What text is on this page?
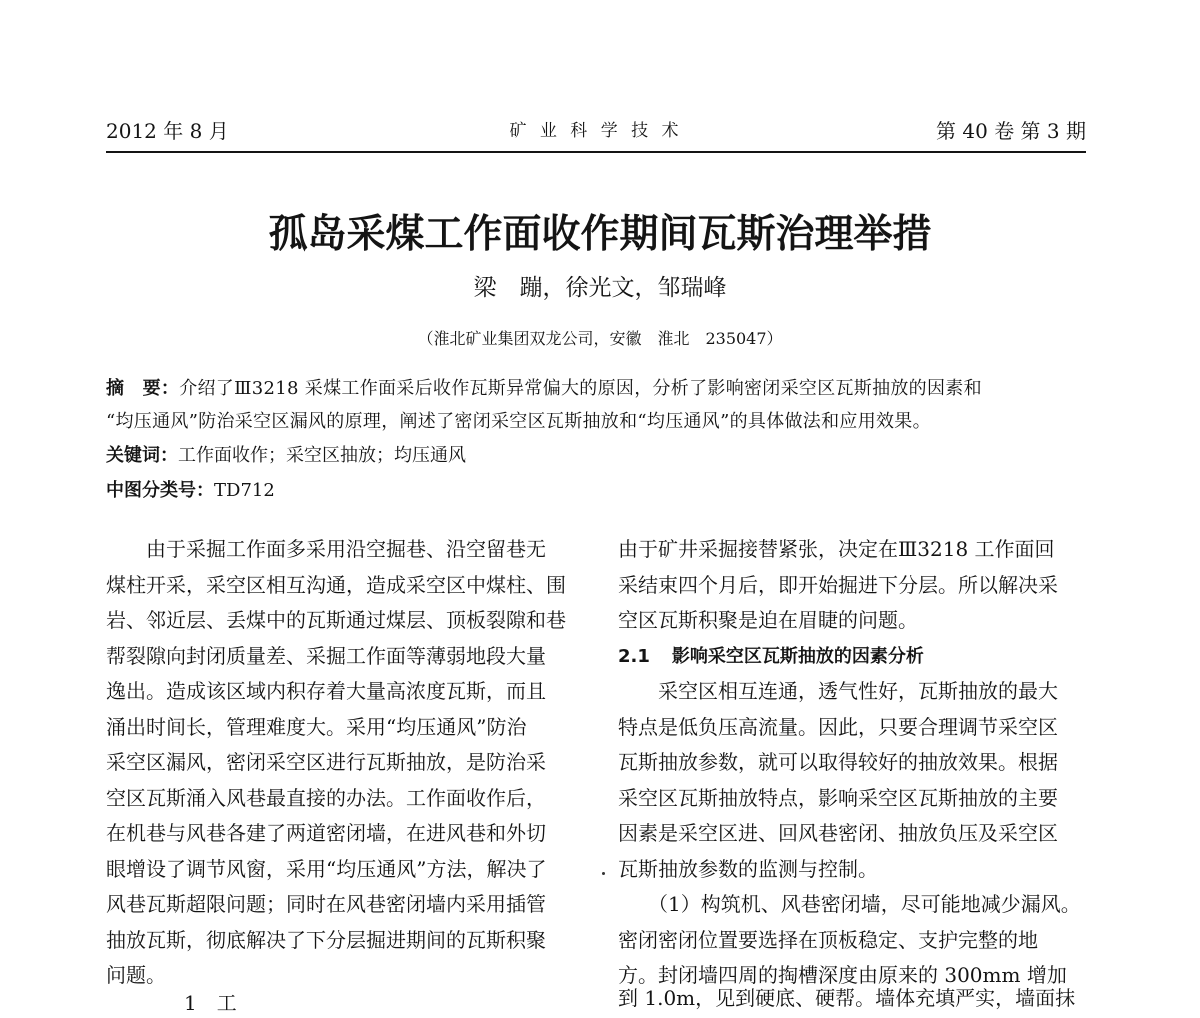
2012 年 8 月	矿 业 科 学 技 术	第 40 卷 第 3 期
孤岛采煤工作面收作期间瓦斯治理举措
梁　蹦，徐光文，邹瑞峰
（淮北矿业集团双龙公司，安徽　淮北　235047）
摘　要：介绍了Ⅲ3218 采煤工作面采后收作瓦斯异常偏大的原因，分析了影响密闭采空区瓦斯抽放的因素和
“均压通风”防治采空区漏风的原理，阐述了密闭采空区瓦斯抽放和“均压通风”的具体做法和应用效果。
关键词：工作面收作；采空区抽放；均压通风
中图分类号：TD712
　　由于采掘工作面多采用沿空掘巷、沿空留巷无
煤柱开采，采空区相互沟通，造成采空区中煤柱、围
岩、邻近层、丢煤中的瓦斯通过煤层、顶板裂隙和巷
帮裂隙向封闭质量差、采掘工作面等薄弱地段大量
逸出。造成该区域内积存着大量高浓度瓦斯，而且
涌出时间长，管理难度大。采用“均压通风”防治
采空区漏风，密闭采空区进行瓦斯抽放，是防治采
空区瓦斯涌入风巷最直接的办法。工作面收作后，
在机巷与风巷各建了两道密闭墙，在进风巷和外切
眼增设了调节风窗，采用“均压通风”方法，解决了
风巷瓦斯超限问题；同时在风巷密闭墙内采用插管
抽放瓦斯，彻底解决了下分层掘进期间的瓦斯积聚
问题。
由于矿井采掘接替紧张，决定在Ⅲ3218 工作面回
采结束四个月后，即开始掘进下分层。所以解决采
空区瓦斯积聚是迫在眉睫的问题。
2.1 影响采空区瓦斯抽放的因素分析
　　采空区相互连通，透气性好，瓦斯抽放的最大
特点是低负压高流量。因此，只要合理调节采空区
瓦斯抽放参数，就可以取得较好的抽放效果。根据
采空区瓦斯抽放特点，影响采空区瓦斯抽放的主要
因素是采空区进、回风巷密闭、抽放负压及采空区
瓦斯抽放参数的监测与控制。
　　（1）构筑机、风巷密闭墙，尽可能地减少漏风。
密闭密闭位置要选择在顶板稳定、支护完整的地
方。封闭墙四周的掏槽深度由原来的 300mm 增加
到 1.0m，见到硬底、硬帮。墙体充填严实，墙面抹
1　工
